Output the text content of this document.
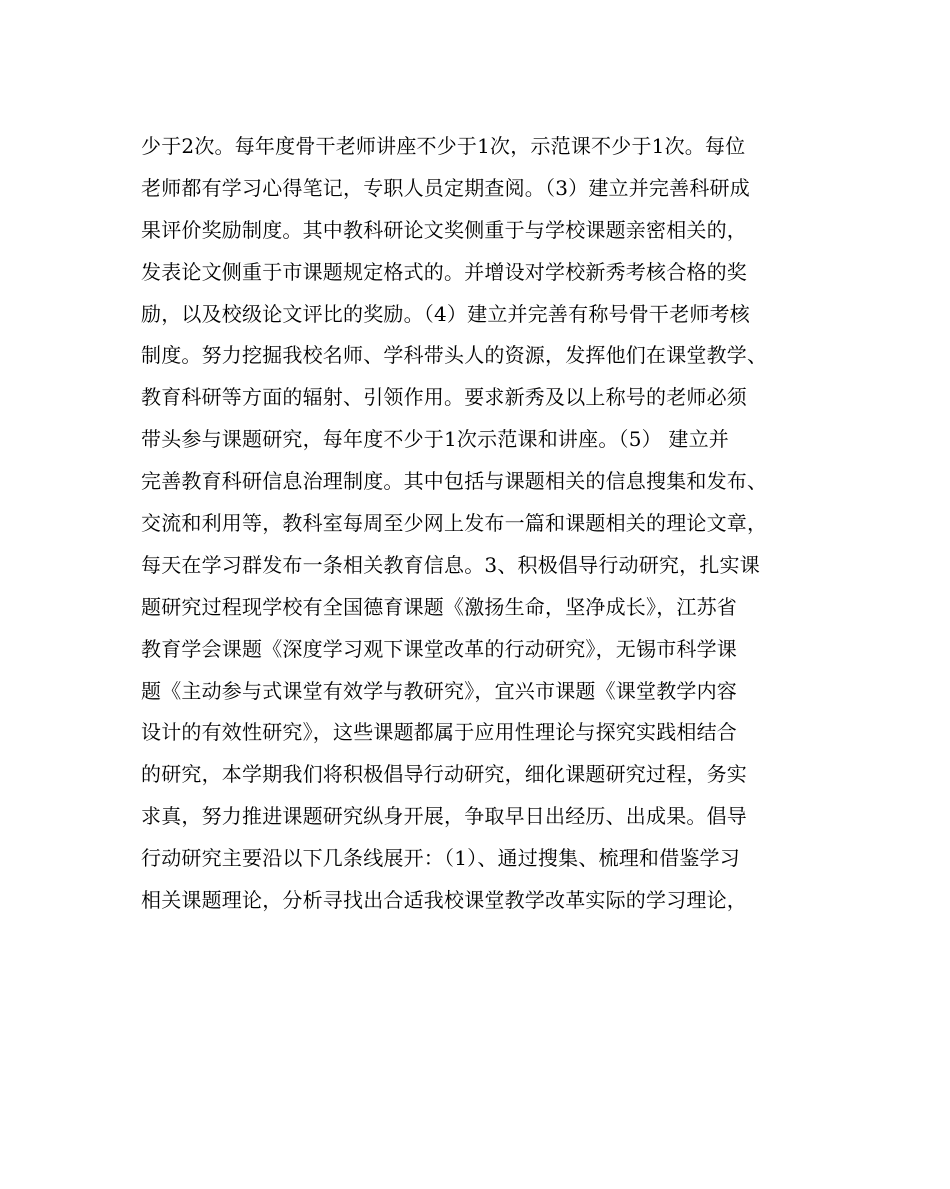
少于2次。每年度骨干老师讲座不少于1次，示范课不少于1次。每位
老师都有学习心得笔记，专职人员定期查阅。（3）建立并完善科研成
果评价奖励制度。其中教科研论文奖侧重于与学校课题亲密相关的，
发表论文侧重于市课题规定格式的。并增设对学校新秀考核合格的奖
励，以及校级论文评比的奖励。（4）建立并完善有称号骨干老师考核
制度。努力挖掘我校名师、学科带头人的资源，发挥他们在课堂教学、
教育科研等方面的辐射、引领作用。要求新秀及以上称号的老师必须
带头参与课题研究，每年度不少于1次示范课和讲座。（5） 建立并
完善教育科研信息治理制度。其中包括与课题相关的信息搜集和发布、
交流和利用等，教科室每周至少网上发布一篇和课题相关的理论文章，
每天在学习群发布一条相关教育信息。3、积极倡导行动研究，扎实课
题研究过程现学校有全国德育课题《激扬生命，坚净成长》，江苏省
教育学会课题《深度学习观下课堂改革的行动研究》，无锡市科学课
题《主动参与式课堂有效学与教研究》，宜兴市课题《课堂教学内容
设计的有效性研究》，这些课题都属于应用性理论与探究实践相结合
的研究，本学期我们将积极倡导行动研究，细化课题研究过程，务实
求真，努力推进课题研究纵身开展，争取早日出经历、出成果。倡导
行动研究主要沿以下几条线展开：（1）、通过搜集、梳理和借鉴学习
相关课题理论，分析寻找出合适我校课堂教学改革实际的学习理论，
